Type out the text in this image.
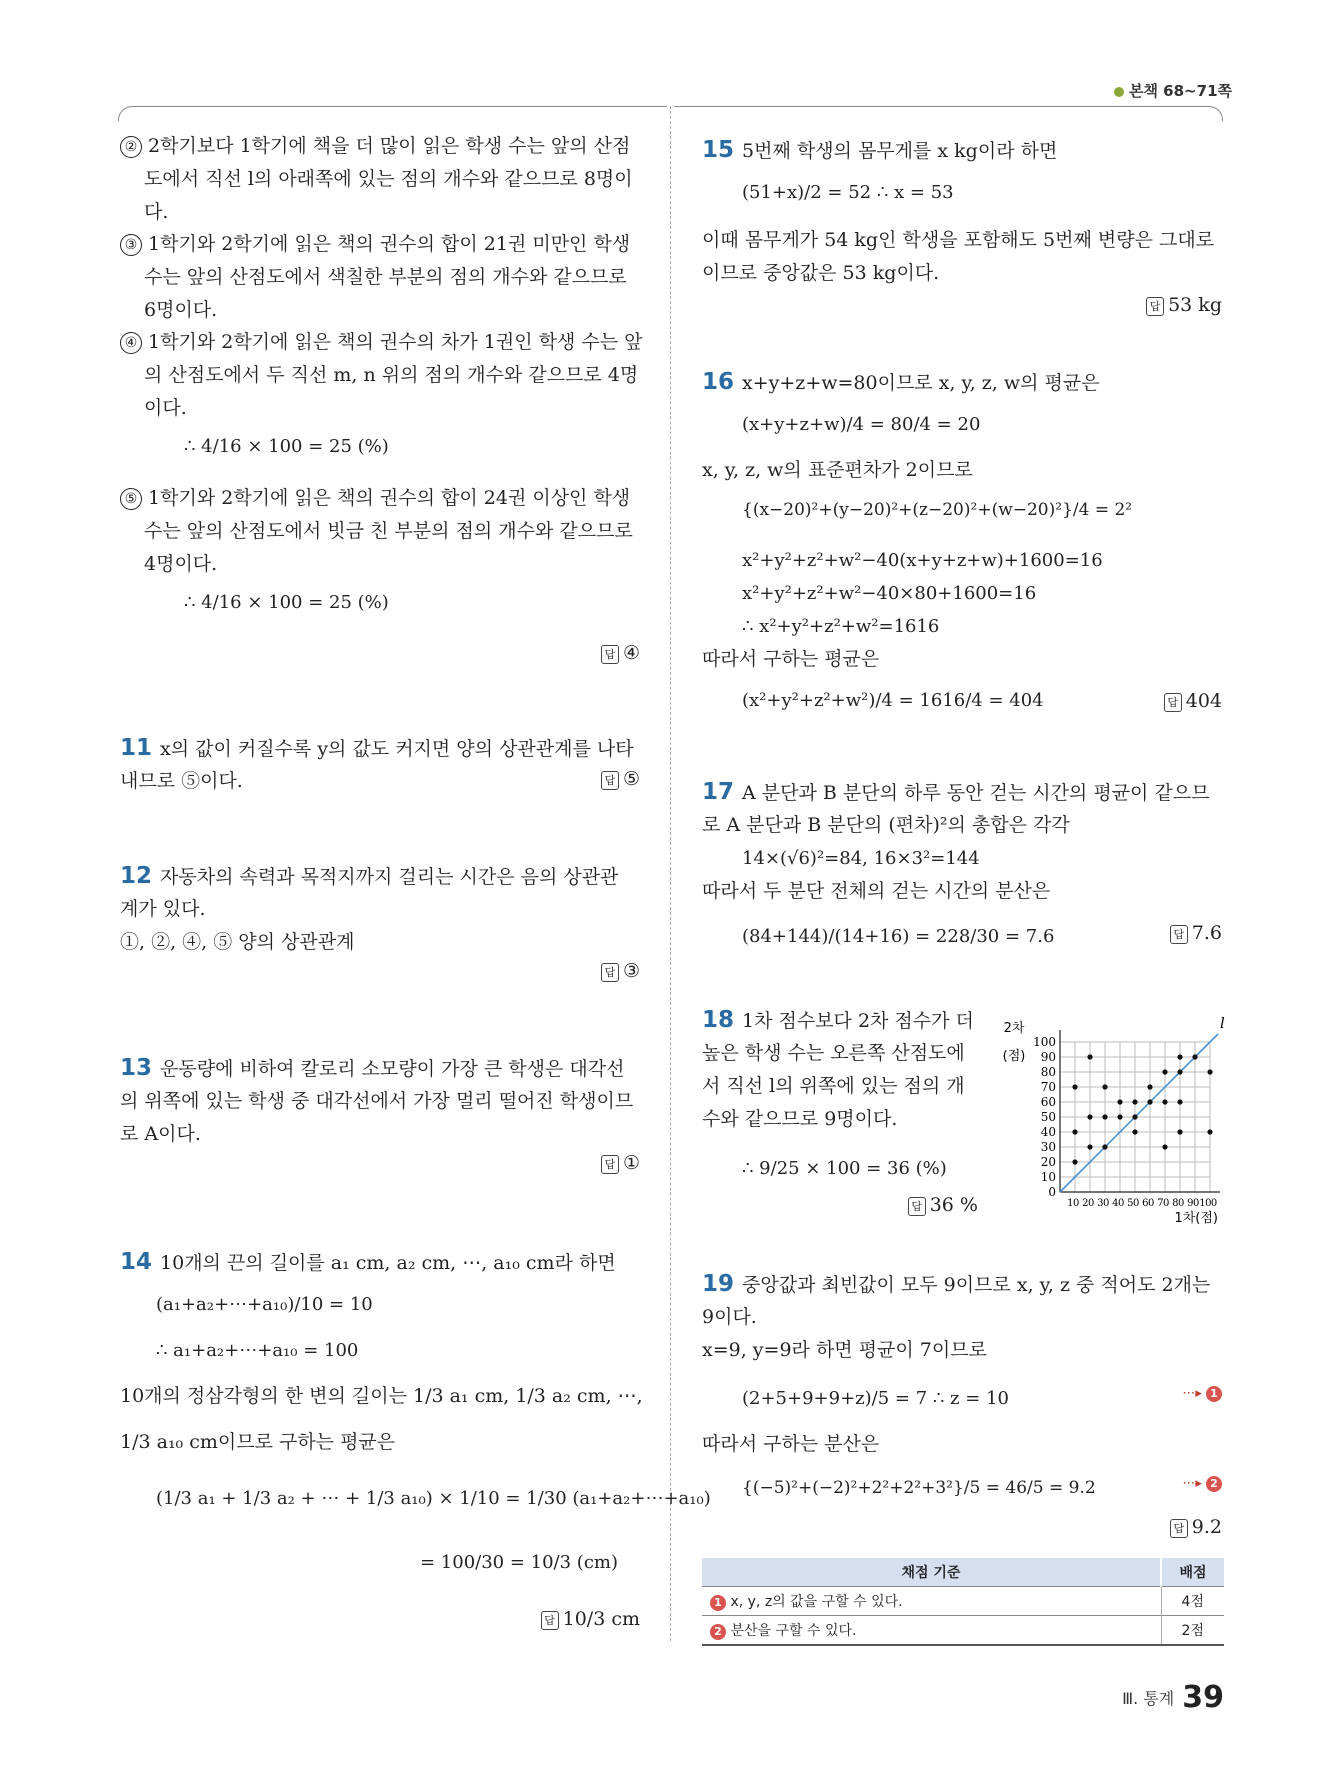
본책 68~71쪽
② 2학기보다 1학기에 책을 더 많이 읽은 학생 수는 앞의 산점
도에서 직선 l의 아래쪽에 있는 점의 개수와 같으므로 8명이
다.
③ 1학기와 2학기에 읽은 책의 권수의 합이 21권 미만인 학생
수는 앞의 산점도에서 색칠한 부분의 점의 개수와 같으므로
6명이다.
④ 1학기와 2학기에 읽은 책의 권수의 차가 1권인 학생 수는 앞
의 산점도에서 두 직선 m, n 위의 점의 개수와 같으므로 4명
이다.
∴ 4/16 × 100 = 25 (%)
⑤ 1학기와 2학기에 읽은 책의 권수의 합이 24권 이상인 학생
수는 앞의 산점도에서 빗금 친 부분의 점의 개수와 같으므로
4명이다.
∴ 4/16 × 100 = 25 (%)
답 ④
11 x의 값이 커질수록 y의 값도 커지면 양의 상관관계를 나타
내므로 ⑤이다.	답 ⑤
12 자동차의 속력과 목적지까지 걸리는 시간은 음의 상관관
계가 있다.
①, ②, ④, ⑤ 양의 상관관계
답 ③
13 운동량에 비하여 칼로리 소모량이 가장 큰 학생은 대각선
의 위쪽에 있는 학생 중 대각선에서 가장 멀리 떨어진 학생이므
로 A이다.
답 ①
14 10개의 끈의 길이를 a₁ cm, a₂ cm, ⋯, a₁₀ cm라 하면
(a₁+a₂+⋯+a₁₀)/10 = 10
∴ a₁+a₂+⋯+a₁₀ = 100
10개의 정삼각형의 한 변의 길이는 1/3 a₁ cm, 1/3 a₂ cm, ⋯,
1/3 a₁₀ cm이므로 구하는 평균은
(1/3 a₁ + 1/3 a₂ + ⋯ + 1/3 a₁₀) × 1/10 = 1/30 (a₁+a₂+⋯+a₁₀)
= 100/30 = 10/3 (cm)
답 10/3 cm
15 5번째 학생의 몸무게를 x kg이라 하면
(51+x)/2 = 52 ∴ x = 53
이때 몸무게가 54 kg인 학생을 포함해도 5번째 변량은 그대로
이므로 중앙값은 53 kg이다.
답 53 kg
16 x+y+z+w=80이므로 x, y, z, w의 평균은
(x+y+z+w)/4 = 80/4 = 20
x, y, z, w의 표준편차가 2이므로
{(x−20)²+(y−20)²+(z−20)²+(w−20)²}/4 = 2²
x²+y²+z²+w²−40(x+y+z+w)+1600=16
x²+y²+z²+w²−40×80+1600=16
∴ x²+y²+z²+w²=1616
따라서 구하는 평균은
(x²+y²+z²+w²)/4 = 1616/4 = 404	답 404
17 A 분단과 B 분단의 하루 동안 걷는 시간의 평균이 같으므
로 A 분단과 B 분단의 (편차)²의 총합은 각각
14×(√6)²=84, 16×3²=144
따라서 두 분단 전체의 걷는 시간의 분산은
(84+144)/(14+16) = 228/30 = 7.6	답 7.6
18 1차 점수보다 2차 점수가 더
높은 학생 수는 오른쪽 산점도에
서 직선 l의 위쪽에 있는 점의 개
수와 같으므로 9명이다.
∴ 9/25 × 100 = 36 (%)
답 36 %
l
0
10
20
30
40
50
60
70
80
90
100
10 20 30 40 50 60 70 80 90 100
2차
(점)
1차(점)
19 중앙값과 최빈값이 모두 9이므로 x, y, z 중 적어도 2개는
9이다.
x=9, y=9라 하면 평균이 7이므로
(2+5+9+9+z)/5 = 7 ∴ z = 10
따라서 구하는 분산은
{(−5)²+(−2)²+2²+2²+3²}/5 = 46/5 = 9.2
⋯▸ 1
⋯▸ 2
답 9.2
채점 기준	배점
1 x, y, z의 값을 구할 수 있다.	4점
2 분산을 구할 수 있다.	2점
Ⅲ. 통계 39
